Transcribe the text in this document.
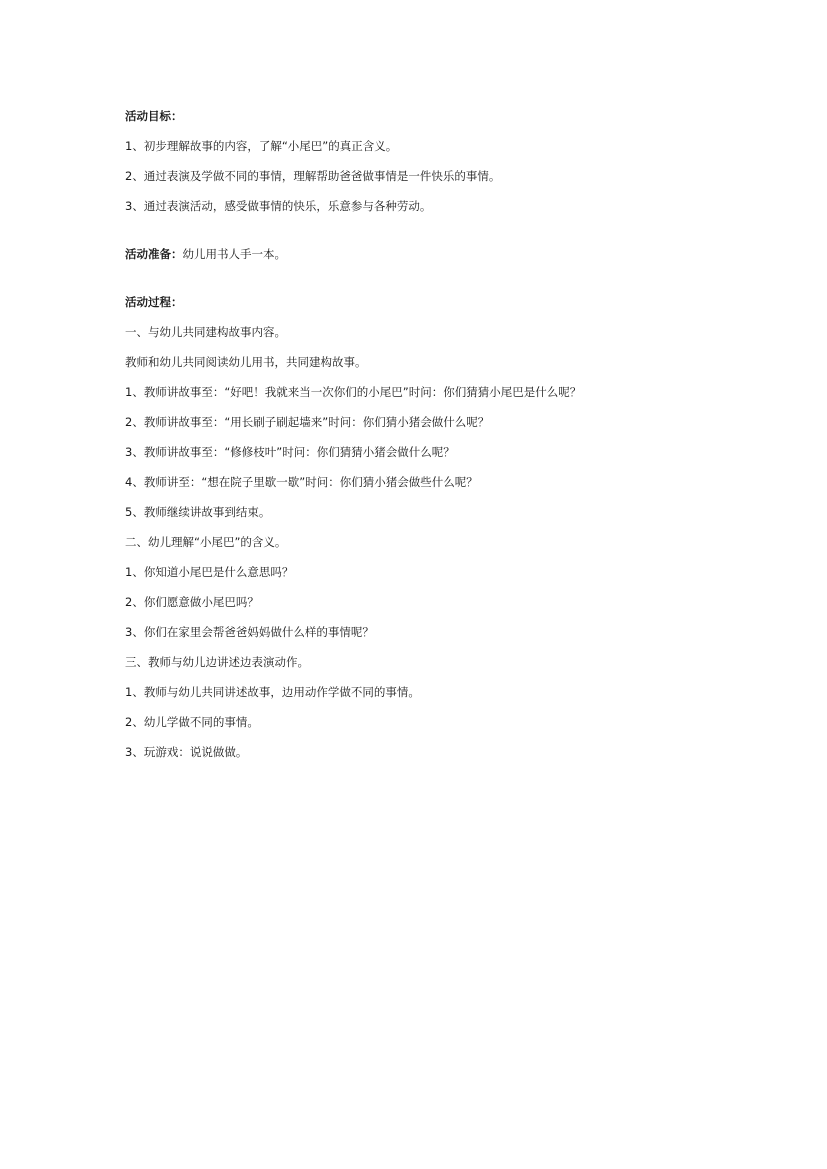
活动目标：
1、初步理解故事的内容，了解“小尾巴”的真正含义。
2、通过表演及学做不同的事情，理解帮助爸爸做事情是一件快乐的事情。
3、通过表演活动，感受做事情的快乐，乐意参与各种劳动。
活动准备：幼儿用书人手一本。
活动过程：
一、与幼儿共同建构故事内容。
教师和幼儿共同阅读幼儿用书，共同建构故事。
1、教师讲故事至：“好吧！我就来当一次你们的小尾巴”时问：你们猜猜小尾巴是什么呢？
2、教师讲故事至：“用长刷子刷起墙来”时问：你们猜小猪会做什么呢？
3、教师讲故事至：“修修枝叶”时问：你们猜猜小猪会做什么呢？
4、教师讲至：“想在院子里歇一歇”时问：你们猜小猪会做些什么呢？
5、教师继续讲故事到结束。
二、幼儿理解“小尾巴”的含义。
1、你知道小尾巴是什么意思吗？
2、你们愿意做小尾巴吗？
3、你们在家里会帮爸爸妈妈做什么样的事情呢？
三、教师与幼儿边讲述边表演动作。
1、教师与幼儿共同讲述故事，边用动作学做不同的事情。
2、幼儿学做不同的事情。
3、玩游戏：说说做做。
